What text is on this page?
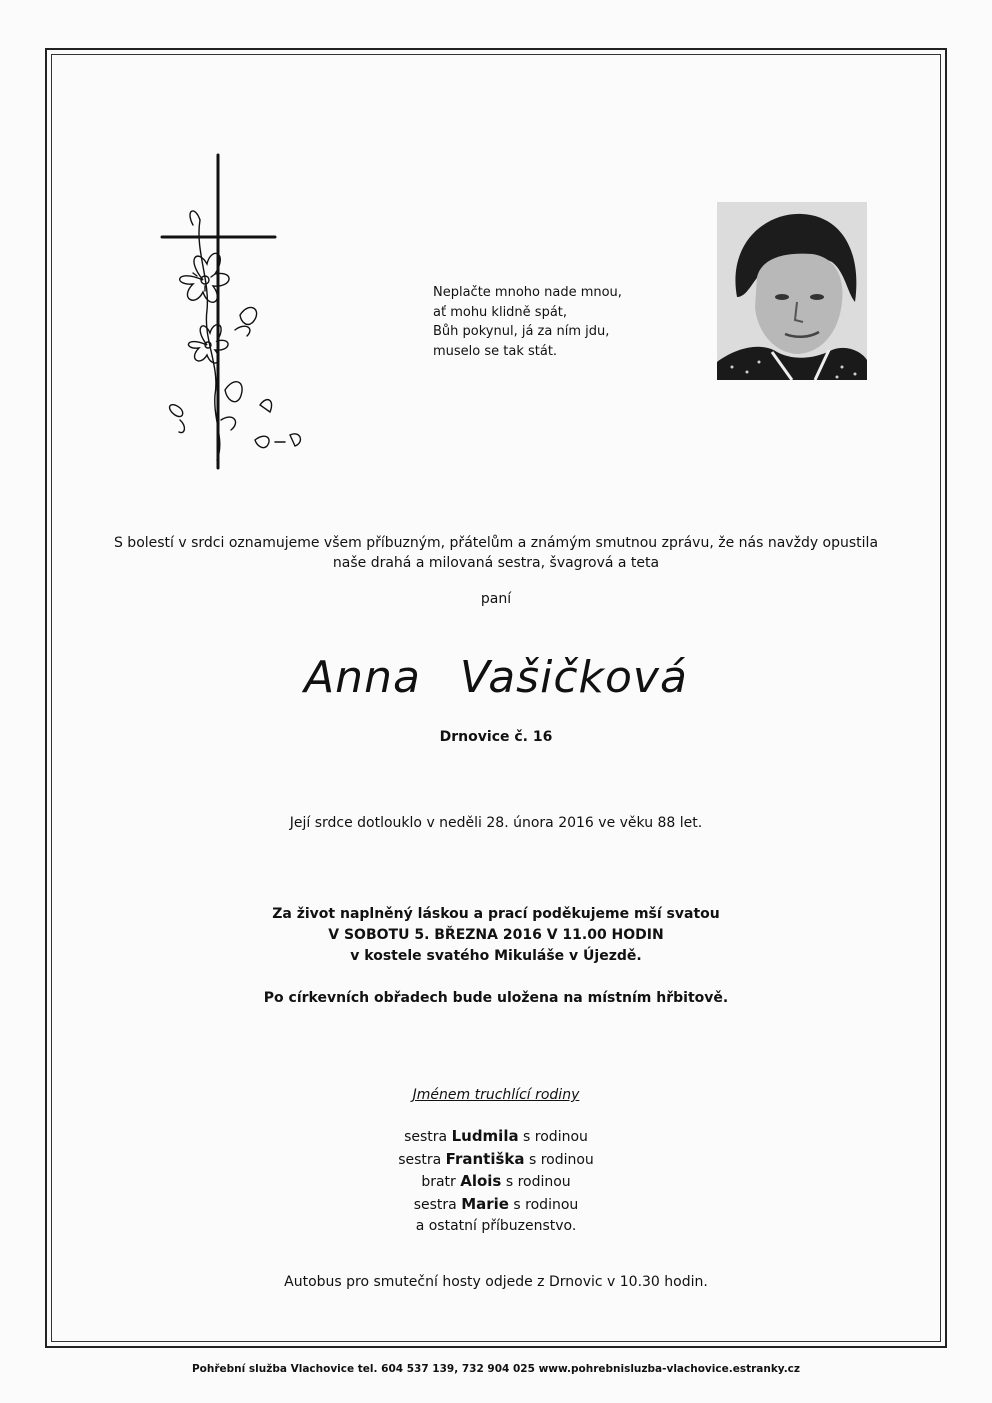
Neplačte mnoho nade mnou,
ať mohu klidně spát,
Bůh pokynul, já za ním jdu,
muselo se tak stát.
S bolestí v srdci oznamujeme všem příbuzným, přátelům a známým smutnou zprávu, že nás navždy opustila
naše drahá a milovaná sestra, švagrová a teta
paní
Anna Vašičková
Drnovice č. 16
Její srdce dotlouklo v neděli 28. února 2016 ve věku 88 let.
Za život naplněný láskou a prací poděkujeme mší svatou
V SOBOTU 5. BŘEZNA 2016 V 11.00 HODIN
v kostele svatého Mikuláše v Újezdě.
Po církevních obřadech bude uložena na místním hřbitově.
Jménem truchlící rodiny
sestra Ludmila s rodinou
sestra Františka s rodinou
bratr Alois s rodinou
sestra Marie s rodinou
a ostatní příbuzenstvo.
Autobus pro smuteční hosty odjede z Drnovic v 10.30 hodin.
Pohřební služba Vlachovice tel. 604 537 139, 732 904 025 www.pohrebnisluzba-vlachovice.estranky.cz
